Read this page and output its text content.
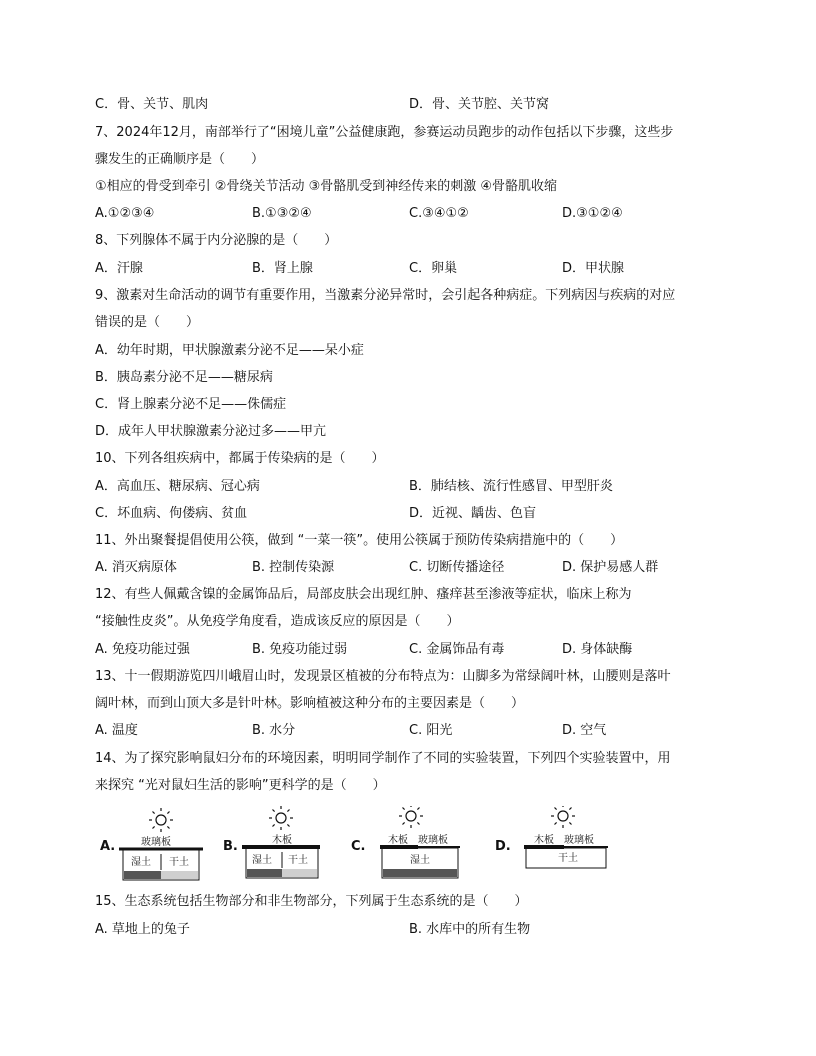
C．骨、关节、肌肉	D．骨、关节腔、关节窝
7、2024年12月，南部举行了“困境儿童”公益健康跑，参赛运动员跑步的动作包括以下步骤，这些步
骤发生的正确顺序是（　　）
①相应的骨受到牵引 ②骨绕关节活动 ③骨骼肌受到神经传来的刺激 ④骨骼肌收缩
A.①②③④	B.①③②④	C.③④①②	D.③①②④
8、下列腺体不属于内分泌腺的是（　　）
A．汗腺	B．肾上腺	C．卵巢	D．甲状腺
9、激素对生命活动的调节有重要作用，当激素分泌异常时，会引起各种病症。下列病因与疾病的对应
错误的是（　　）
A．幼年时期，甲状腺激素分泌不足——呆小症
B．胰岛素分泌不足——糖尿病
C．肾上腺素分泌不足——侏儒症
D．成年人甲状腺激素分泌过多——甲亢
10、下列各组疾病中，都属于传染病的是（　　）
A．高血压、糖尿病、冠心病	B．肺结核、流行性感冒、甲型肝炎
C．坏血病、佝偻病、贫血	D．近视、龋齿、色盲
11、外出聚餐提倡使用公筷，做到 “一菜一筷”。使用公筷属于预防传染病措施中的（　　）
A. 消灭病原体	B. 控制传染源	C. 切断传播途径	D. 保护易感人群
12、有些人佩戴含镍的金属饰品后，局部皮肤会出现红肿、瘙痒甚至渗液等症状，临床上称为
“接触性皮炎”。从免疫学角度看，造成该反应的原因是（　　）
A. 免疫功能过强	B. 免疫功能过弱	C. 金属饰品有毒	D. 身体缺酶
13、十一假期游览四川峨眉山时，发现景区植被的分布特点为：山脚多为常绿阔叶林，山腰则是落叶
阔叶林，而到山顶大多是针叶林。影响植被这种分布的主要因素是（　　）
A. 温度	B. 水分	C. 阳光	D. 空气
14、为了探究影响鼠妇分布的环境因素，明明同学制作了不同的实验装置，下列四个实验装置中，用
来探究 “光对鼠妇生活的影响”更科学的是（　　）
A.	玻璃板
湿土 干土
B.	木板
湿土 干土
C. 木板 玻璃板
湿土
D. 木板 玻璃板
干土
15、生态系统包括生物部分和非生物部分，下列属于生态系统的是（　　）
A. 草地上的兔子	B. 水库中的所有生物
